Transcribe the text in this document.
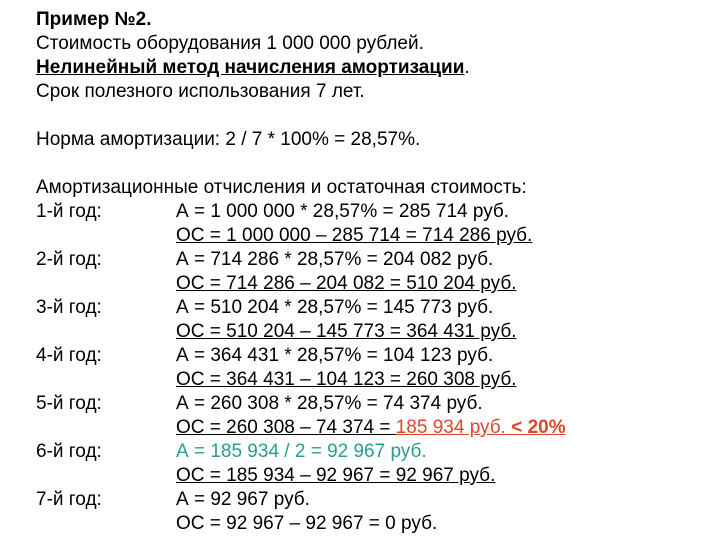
Пример №2.
Стоимость оборудования 1 000 000 рублей.
Нелинейный метод начисления амортизации.
Срок полезного использования 7 лет.
Норма амортизации: 2 / 7 * 100% = 28,57%.
Амортизационные отчисления и остаточная стоимость:
1-й год:	А = 1 000 000 * 28,57% = 285 714 руб.
ОС = 1 000 000 – 285 714 = 714 286 руб.
2-й год:	А = 714 286 * 28,57% = 204 082 руб.
ОС = 714 286 – 204 082 = 510 204 руб.
3-й год:	А = 510 204 * 28,57% = 145 773 руб.
ОС = 510 204 – 145 773 = 364 431 руб.
4-й год:	А = 364 431 * 28,57% = 104 123 руб.
ОС = 364 431 – 104 123 = 260 308 руб.
5-й год:	А = 260 308 * 28,57% = 74 374 руб.
ОС = 260 308 – 74 374 = 185 934 руб. < 20%
6-й год:	А = 185 934 / 2 = 92 967 руб.
ОС = 185 934 – 92 967 = 92 967 руб.
7-й год:	А = 92 967 руб.
ОС = 92 967 – 92 967 = 0 руб.
